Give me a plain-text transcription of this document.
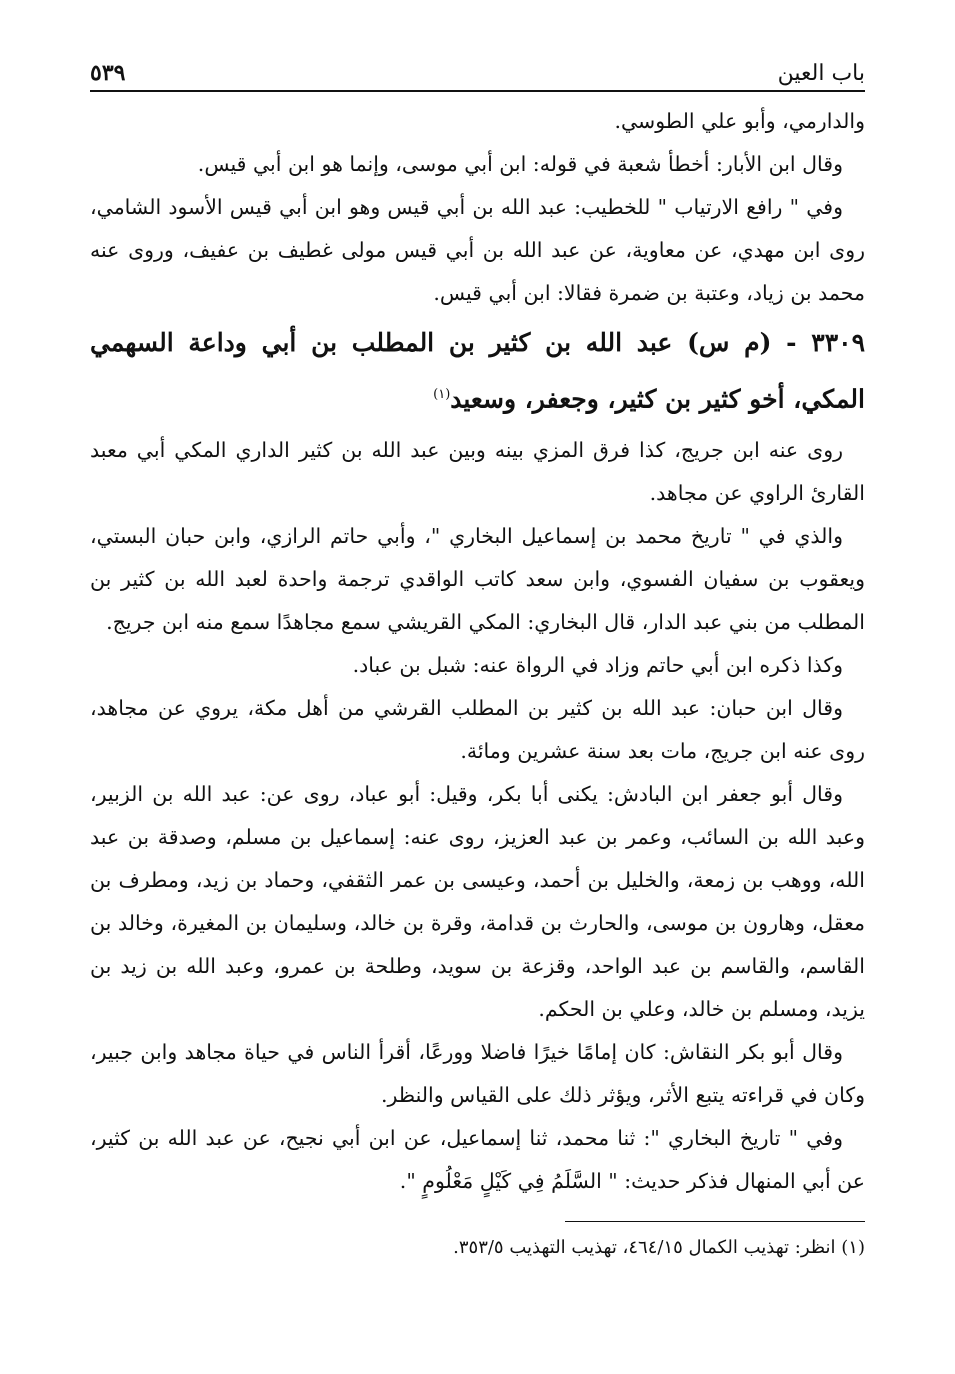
باب العين
٥٣٩

والدارمي، وأبو علي الطوسي.

وقال ابن الأبار: أخطأ شعبة في قوله: ابن أبي موسى، وإنما هو ابن أبي قيس.

وفي " رافع الارتياب " للخطيب: عبد الله بن أبي قيس وهو ابن أبي قيس الأسود الشامي، روى ابن مهدي، عن معاوية، عن عبد الله بن أبي قيس مولى غطيف بن عفيف، وروى عنه محمد بن زياد، وعتبة بن ضمرة فقالا: ابن أبي قيس.

٣٣٠٩ - (م س) عبد الله بن كثير بن المطلب بن أبي وداعة السهمي المكي، أخو كثير بن كثير، وجعفر، وسعيد$^{(١)}$

روى عنه ابن جريج، كذا فرق المزي بينه وبين عبد الله بن كثير الداري المكي أبي معبد القارئ الراوي عن مجاهد.

والذي في " تاريخ محمد بن إسماعيل البخاري "، وأبي حاتم الرازي، وابن حبان البستي، ويعقوب بن سفيان الفسوي، وابن سعد كاتب الواقدي ترجمة واحدة لعبد الله بن كثير بن المطلب من بني عبد الدار، قال البخاري: المكي القريشي سمع مجاهدًا سمع منه ابن جريج.

وكذا ذكره ابن أبي حاتم وزاد في الرواة عنه: شبل بن عباد.

وقال ابن حبان: عبد الله بن كثير بن المطلب القرشي من أهل مكة، يروي عن مجاهد، روى عنه ابن جريج، مات بعد سنة عشرين ومائة.

وقال أبو جعفر ابن البادش: يكنى أبا بكر، وقيل: أبو عباد، روى عن: عبد الله بن الزبير، وعبد الله بن السائب، وعمر بن عبد العزيز، روى عنه: إسماعيل بن مسلم، وصدقة بن عبد الله، ووهب بن زمعة، والخليل بن أحمد، وعيسى بن عمر الثقفي، وحماد بن زيد، ومطرف بن معقل، وهارون بن موسى، والحارث بن قدامة، وقرة بن خالد، وسليمان بن المغيرة، وخالد بن القاسم، والقاسم بن عبد الواحد، وقزعة بن سويد، وطلحة بن عمرو، وعبد الله بن زيد بن يزيد، ومسلم بن خالد، وعلي بن الحكم.

وقال أبو بكر النقاش: كان إمامًا خيرًا فاضلا وورعًا، أقرأ الناس في حياة مجاهد وابن جبير، وكان في قراءته يتبع الأثر، ويؤثر ذلك على القياس والنظر.

وفي " تاريخ البخاري ": ثنا محمد، ثنا إسماعيل، عن ابن أبي نجيح، عن عبد الله بن كثير، عن أبي المنهال فذكر حديث: " السَّلَمُ فِي كَيْلٍ مَعْلُومٍ ".

(١) انظر: تهذيب الكمال ٤٦٤/١٥، تهذيب التهذيب ٣٥٣/٥.
